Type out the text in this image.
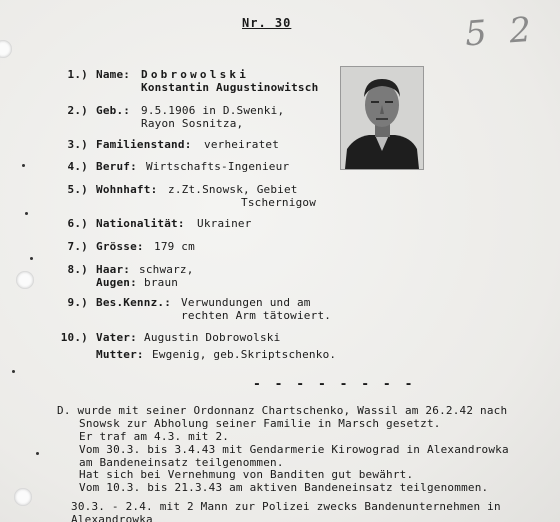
Nr. 30	5 2
1.) Name: Dobrowolski
Konstantin Augustinowitsch
2.) Geb.: 9.5.1906 in D.Swenki,
Rayon Sosnitza,
3.) Familienstand: verheiratet
4.) Beruf: Wirtschafts-Ingenieur
5.) Wohnhaft: z.Zt.Snowsk, Gebiet
Tschernigow
6.) Nationalität: Ukrainer
7.) Grösse: 179 cm
8.) Haar: schwarz,
Augen: braun
9.) Bes.Kennz.: Verwundungen und am
rechten Arm tätowiert.
10.) Vater: Augustin Dobrowolski
Mutter: Ewgenig, geb.Skriptschenko.
- - - - - - - -
D. wurde mit seiner Ordonnanz Chartschenko, Wassil am 26.2.42 nach
Snowsk zur Abholung seiner Familie in Marsch gesetzt.
Er traf am 4.3. mit 2.
Vom 30.3. bis 3.4.43 mit Gendarmerie Kirowograd in Alexandrowka
am Bandeneinsatz teilgenommen.
Hat sich bei Vernehmung von Banditen gut bewährt.
Vom 10.3. bis 21.3.43 am aktiven Bandeneinsatz teilgenommen.
30.3. - 2.4. mit 2 Mann zur Polizei zwecks Bandenunternehmen in
Alexandrowka
